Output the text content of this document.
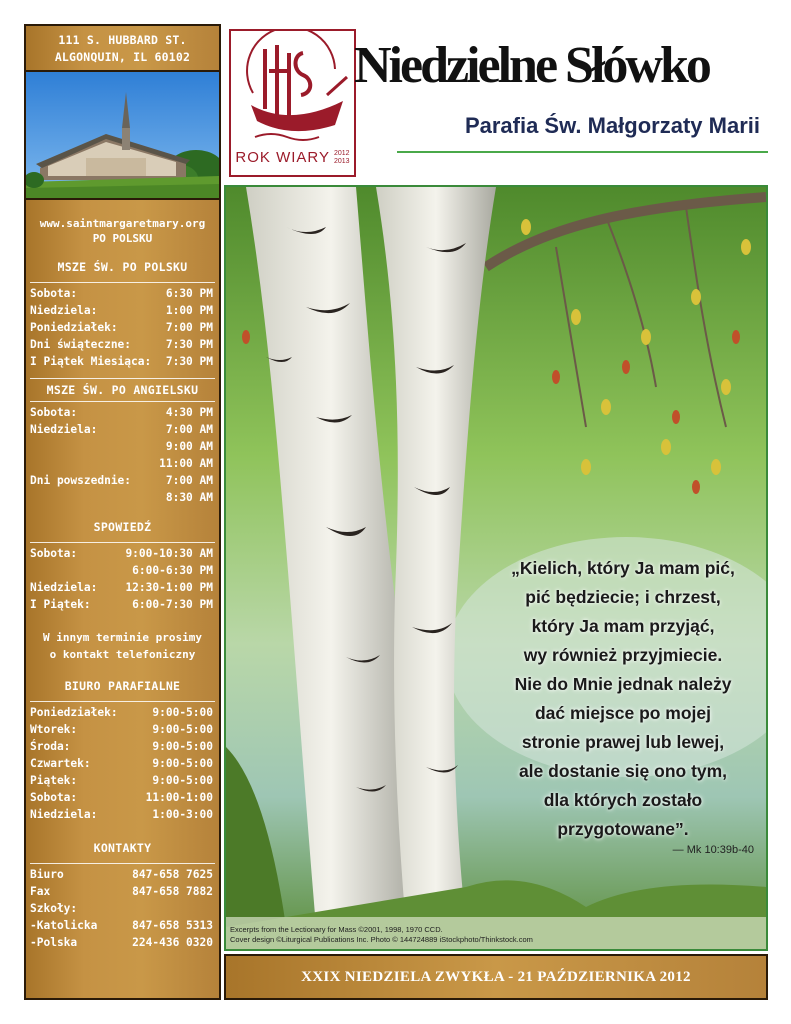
111 S. HUBBARD ST.
ALGONQUIN, IL 60102
www.saintmargaretmary.org
PO POLSKU
MSZE ŚW. PO POLSKU
Sobota:	6:30 PM
Niedziela:	1:00 PM
Poniedziałek:	7:00 PM
Dni świąteczne:	7:30 PM
I Piątek Miesiąca: 7:30 PM
MSZE ŚW. PO ANGIELSKU
Sobota:	4:30 PM
Niedziela:	7:00 AM
9:00 AM
11:00 AM
Dni powszednie:	7:00 AM
8:30 AM
SPOWIEDŹ
Sobota:	9:00-10:30 AM
6:00-6:30 PM
Niedziela:	12:30-1:00 PM
I Piątek:	6:00-7:30 PM
W innym terminie prosimy
o kontakt telefoniczny
BIURO PARAFIALNE
Poniedziałek:	9:00-5:00
Wtorek:	9:00-5:00
Środa:	9:00-5:00
Czwartek:	9:00-5:00
Piątek:	9:00-5:00
Sobota:	11:00-1:00
Niedziela:	1:00-3:00
KONTAKTY
Biuro	847-658 7625
Fax	847-658 7882
Szkoły:
-Katolicka	847-658 5313
-Polska	224-436 0320
ROK WIARY 2012
2013
Niedzielne Słówko
Parafia Św. Małgorzaty Marii
„Kielich, który Ja mam pić,
pić będziecie; i chrzest,
który Ja mam przyjąć,
wy również przyjmiecie.
Nie do Mnie jednak należy
dać miejsce po mojej
stronie prawej lub lewej,
ale dostanie się ono tym,
dla których zostało
przygotowane”.
— Mk 10:39b-40
Excerpts from the Lectionary for Mass ©2001, 1998, 1970 CCD.
Cover design ©Liturgical Publications Inc. Photo © 144724889 iStockphoto/Thinkstock.com
XXIX NIEDZIELA ZWYKŁA - 21 PAŹDZIERNIKA 2012
